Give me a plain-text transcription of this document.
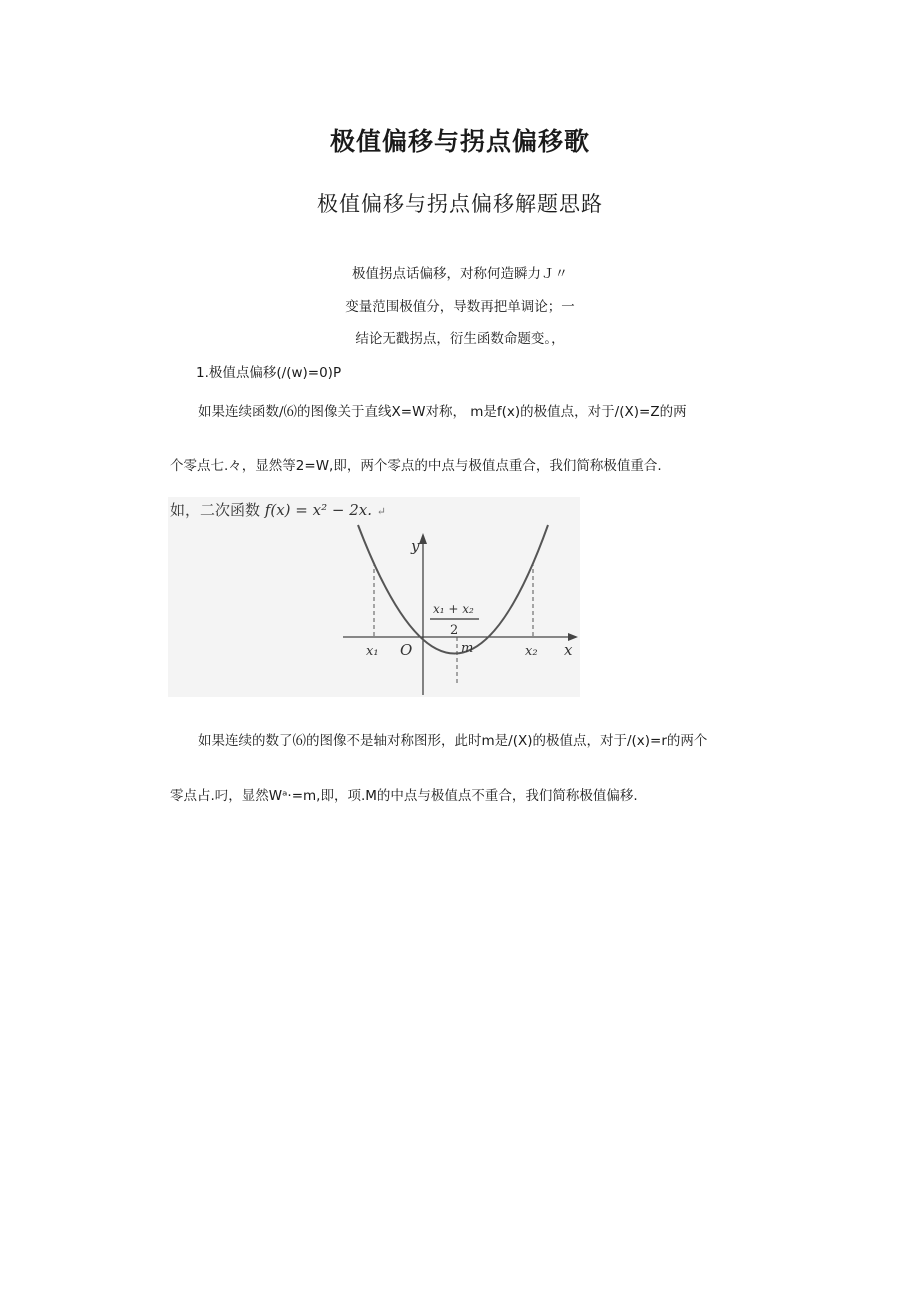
极值偏移与拐点偏移歌
极值偏移与拐点偏移解题思路
极值拐点话偏移，对称何造瞬力Ｊ〃
变量范围极值分，导数再把单调论；一
结论无戳拐点，衍生函数命题变。，
1.极值点偏移(∕(w)=0)P
如果连续函数∕⑹的图像关于直线X=W对称， m是f(x)的极值点，对于/(X)=Z的两
个零点七.々，显然等2=W,即，两个零点的中点与极值点重合，我们简称极值重合.
y
x
O
x₁	x₂
m
x₁ + x₂
2
如，二次函数 f(x) = x² − 2x. ↵
如果连续的数了⑹的图像不是轴对称图形，此时m是/(X)的极值点，对于/(x)=r的两个
零点占.叼，显然Wᵃ·=m,即，项.M的中点与极值点不重合，我们简称极值偏移.
